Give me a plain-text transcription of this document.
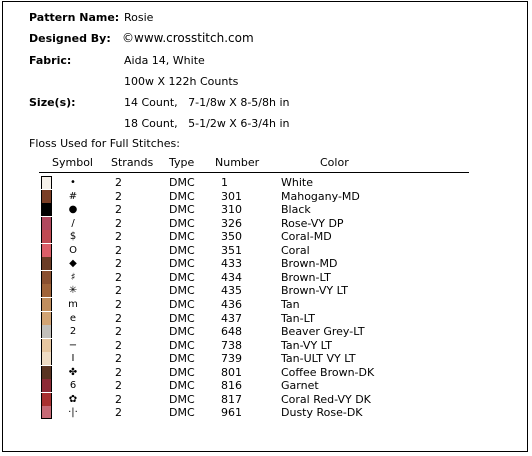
Pattern Name: Rosie
Designed By: ©www.crosstitch.com
Fabric:	Aida 14, White
100w X 122h Counts
Size(s):	14 Count,   7-1/8w X 8-5/8h in
18 Count,   5-1/2w X 6-3/4h in
Floss Used for Full Stitches:
Symbol Strands Type Number	Color
•	2	DMC 1	White
#	2	DMC 301	Mahogany-MD
●	2	DMC 310	Black
/	2	DMC 326	Rose-VY DP
$	2	DMC 350	Coral-MD
O	2	DMC 351	Coral
◆	2	DMC 433	Brown-MD
♯	2	DMC 434	Brown-LT
✳	2	DMC 435	Brown-VY LT
m	2	DMC 436	Tan
e	2	DMC 437	Tan-LT
2	2	DMC 648	Beaver Grey-LT
−	2	DMC 738	Tan-VY LT
I	2	DMC 739	Tan-ULT VY LT
✤	2	DMC 801	Coffee Brown-DK
6	2	DMC 816	Garnet
✿	2	DMC 817	Coral Red-VY DK
·|·	2	DMC 961	Dusty Rose-DK
